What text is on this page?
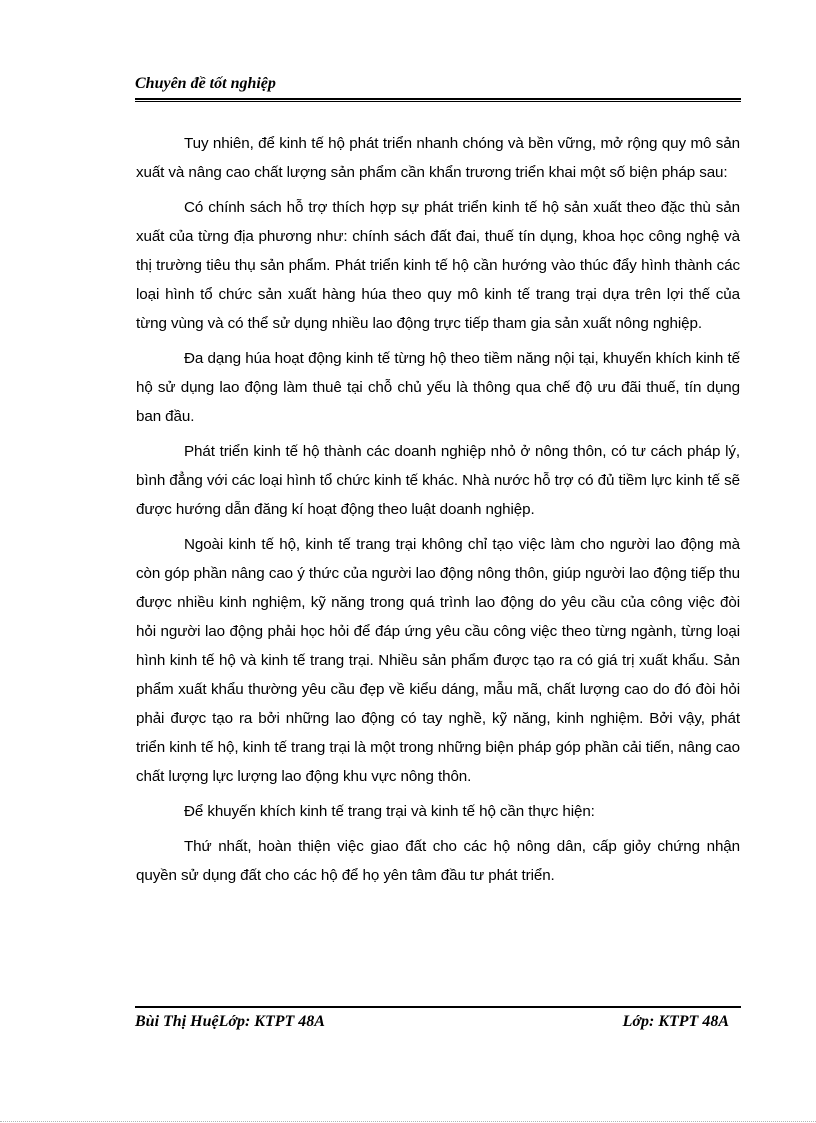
Chuyên đề tốt nghiệp

Tuy nhiên, để kinh tế hộ phát triển nhanh chóng và bền vững, mở rộng quy mô sản xuất và nâng cao chất lượng sản phẩm cần khẩn trương triển khai một số biện pháp sau:

Có chính sách hỗ trợ thích hợp sự phát triển kinh tế hộ sản xuất theo đặc thù sản xuất của từng địa phương như: chính sách đất đai, thuế tín dụng, khoa học công nghệ và thị trường tiêu thụ sản phẩm. Phát triển kinh tế hộ cần hướng vào thúc đẩy hình thành các loại hình tổ chức sản xuất hàng húa theo quy mô kinh tế trang trại dựa trên lợi thế của từng vùng và có thể sử dụng nhiều lao động trực tiếp tham gia sản xuất nông nghiệp.

Đa dạng húa hoạt động kinh tế từng hộ theo tiềm năng nội tại, khuyến khích kinh tế hộ sử dụng lao động làm thuê tại chỗ chủ yếu là thông qua chế độ ưu đãi thuế, tín dụng ban đầu.

Phát triển kinh tế hộ thành các doanh nghiệp nhỏ ở nông thôn, có tư cách pháp lý, bình đẳng với các loại hình tổ chức kinh tế khác. Nhà nước hỗ trợ có đủ tiềm lực kinh tế sẽ được hướng dẫn đăng kí hoạt động theo luật doanh nghiệp.

Ngoài kinh tế hộ, kinh tế trang trại không chỉ tạo việc làm cho người lao động mà còn góp phần nâng cao ý thức của người lao động nông thôn, giúp người lao động tiếp thu được nhiều kinh nghiệm, kỹ năng trong quá trình lao động do yêu cầu của công việc đòi hỏi người lao động phải học hỏi để đáp ứng yêu cầu công việc theo từng ngành, từng loại hình kinh tế hộ và kinh tế trang trại. Nhiều sản phẩm được tạo ra có giá trị xuất khẩu. Sản phẩm xuất khẩu thường yêu cầu đẹp về kiểu dáng, mẫu mã, chất lượng cao do đó đòi hỏi phải được tạo ra bởi những lao động có tay nghề, kỹ năng, kinh nghiệm. Bởi vậy, phát triển kinh tế hộ, kinh tế trang trại là một trong những biện pháp góp phần cải tiến, nâng cao chất lượng lực lượng lao động khu vực nông thôn.

Để khuyến khích kinh tế trang trại và kinh tế hộ cần thực hiện:

Thứ nhất, hoàn thiện việc giao đất cho các hộ nông dân, cấp giỏy chứng nhận quyền sử dụng đất cho các hộ để họ yên tâm đầu tư phát triển.

Bùi Thị HuệLớp: KTPT 48A	Lớp: KTPT 48A
